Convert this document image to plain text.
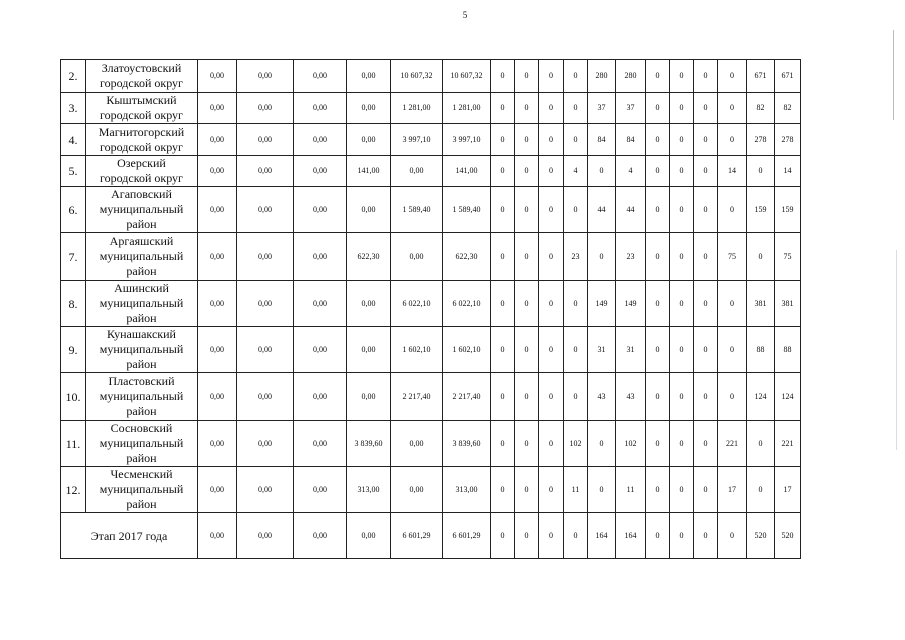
5
2.	Златоустовский
городской округ	0,00	0,00	0,00	0,00	10 607,32	10 607,32	0	0	0	0	280	280	0	0	0	0	671	671
3.	Кыштымский
городской округ	0,00	0,00	0,00	0,00	1 281,00	1 281,00	0	0	0	0	37	37	0	0	0	0	82	82
4.	Магнитогорский
городской округ	0,00	0,00	0,00	0,00	3 997,10	3 997,10	0	0	0	0	84	84	0	0	0	0	278	278
5.	Озерский
городской округ	0,00	0,00	0,00	141,00	0,00	141,00	0	0	0	4	0	4	0	0	0	14	0	14
6.	Агаповский
муниципальный
район	0,00	0,00	0,00	0,00	1 589,40	1 589,40	0	0	0	0	44	44	0	0	0	0	159	159
7.	Аргаяшский
муниципальный
район	0,00	0,00	0,00	622,30	0,00	622,30	0	0	0	23	0	23	0	0	0	75	0	75
8.	Ашинский
муниципальный
район	0,00	0,00	0,00	0,00	6 022,10	6 022,10	0	0	0	0	149	149	0	0	0	0	381	381
9.	Кунашакский
муниципальный
район	0,00	0,00	0,00	0,00	1 602,10	1 602,10	0	0	0	0	31	31	0	0	0	0	88	88
10.	Пластовский
муниципальный
район	0,00	0,00	0,00	0,00	2 217,40	2 217,40	0	0	0	0	43	43	0	0	0	0	124	124
11.	Сосновский
муниципальный
район	0,00	0,00	0,00	3 839,60	0,00	3 839,60	0	0	0	102	0	102	0	0	0	221	0	221
12.	Чесменский
муниципальный
район	0,00	0,00	0,00	313,00	0,00	313,00	0	0	0	11	0	11	0	0	0	17	0	17
Этап 2017 года		0,00	0,00	0,00	0,00	6 601,29	6 601,29	0	0	0	0	164	164	0	0	0	0	520	520
